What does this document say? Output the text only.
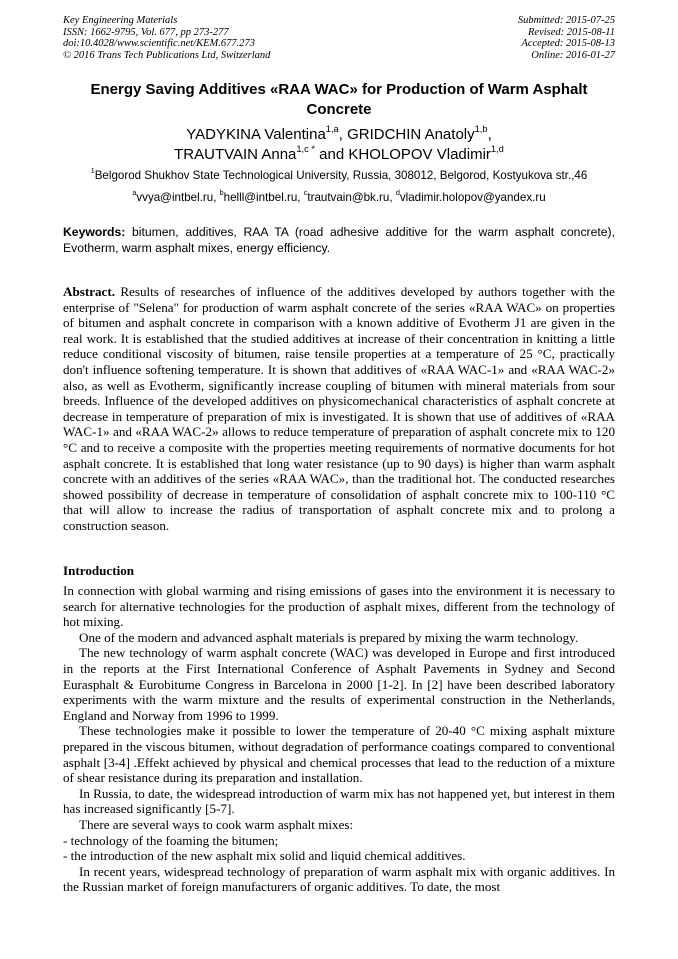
Key Engineering Materials
ISSN: 1662-9795, Vol. 677, pp 273-277
doi:10.4028/www.scientific.net/KEM.677.273
© 2016 Trans Tech Publications Ltd, Switzerland
Submitted: 2015-07-25
Revised: 2015-08-11
Accepted: 2015-08-13
Online: 2016-01-27
Energy Saving Additives «RAA WAC» for Production of Warm Asphalt Concrete
YADYKINA Valentina$^{1,a}$, GRIDCHIN Anatoly$^{1,b}$,
TRAUTVAIN Anna$^{1,c *}$ and KHOLOPOV Vladimir$^{1,d}$
$^1$Belgorod Shukhov State Technological University, Russia, 308012, Belgorod, Kostyukova str.,46
$^a$vvya@intbel.ru, $^b$helll@intbel.ru, $^c$trautvain@bk.ru, $^d$vladimir.holopov@yandex.ru
Keywords: bitumen, additives, RAA TA (road adhesive additive for the warm asphalt concrete), Evotherm, warm asphalt mixes, energy efficiency.
Abstract. Results of researches of influence of the additives developed by authors together with the enterprise of "Selena" for production of warm asphalt concrete of the series «RAA WAC» on properties of bitumen and asphalt concrete in comparison with a known additive of Evotherm J1 are given in the real work. It is established that the studied additives at increase of their concentration in knitting a little reduce conditional viscosity of bitumen, raise tensile properties at a temperature of 25 °C, practically don't influence softening temperature. It is shown that additives of «RAA WAC-1» and «RAA WAC-2» also, as well as Evotherm, significantly increase coupling of bitumen with mineral materials from sour breeds. Influence of the developed additives on physicomechanical characteristics of asphalt concrete at decrease in temperature of preparation of mix is investigated. It is shown that use of additives of «RAA WAC-1» and «RAA WAC-2» allows to reduce temperature of preparation of asphalt concrete mix to 120 °C and to receive a composite with the properties meeting requirements of normative documents for hot asphalt concrete. It is established that long water resistance (up to 90 days) is higher than warm asphalt concrete with an additives of the series «RAA WAC», than the traditional hot. The conducted researches showed possibility of decrease in temperature of consolidation of asphalt concrete mix to 100-110 °C that will allow to increase the radius of transportation of asphalt concrete mix and to prolong a construction season.
Introduction

In connection with global warming and rising emissions of gases into the environment it is necessary to search for alternative technologies for the production of asphalt mixes, different from the technology of hot mixing.

One of the modern and advanced asphalt materials is prepared by mixing the warm technology.

The new technology of warm asphalt concrete (WAC) was developed in Europe and first introduced in the reports at the First International Conference of Asphalt Pavements in Sydney and Second Eurasphalt & Eurobitume Congress in Barcelona in 2000 [1-2]. In [2] have been described laboratory experiments with the warm mixture and the results of experimental construction in the Netherlands, England and Norway from 1996 to 1999.

These technologies make it possible to lower the temperature of 20-40 °C mixing asphalt mixture prepared in the viscous bitumen, without degradation of performance coatings compared to conventional asphalt [3-4] .Effekt achieved by physical and chemical processes that lead to the reduction of a mixture of shear resistance during its preparation and installation.

In Russia, to date, the widespread introduction of warm mix has not happened yet, but interest in them has increased significantly [5-7].

There are several ways to cook warm asphalt mixes:

- technology of the foaming the bitumen;

- the introduction of the new asphalt mix solid and liquid chemical additives.

In recent years, widespread technology of preparation of warm asphalt mix with organic additives. In the Russian market of foreign manufacturers of organic additives. To date, the most
